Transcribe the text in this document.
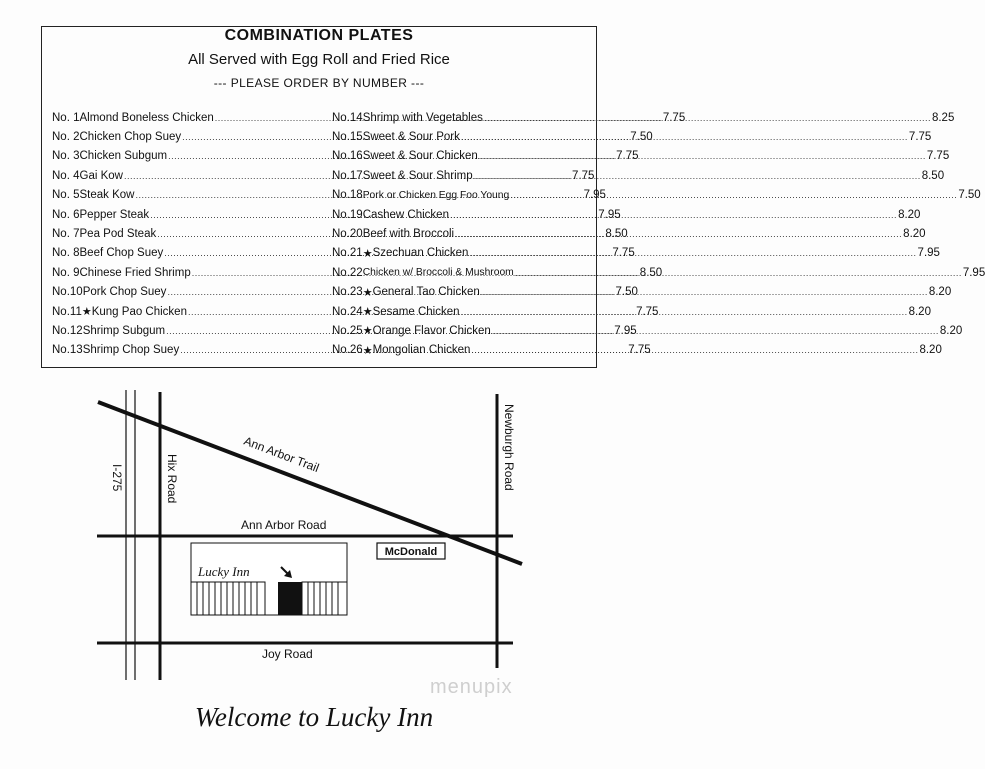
COMBINATION PLATES
All Served with Egg Roll and Fried Rice
--- PLEASE ORDER BY NUMBER ---
No. 1 Almond Boneless Chicken .....	7.75
No. 2 Chicken Chop Suey .....	7.50
No. 3 Chicken Subgum .....	7.75
No. 4 Gai Kow .....	7.75
No. 5 Steak Kow .....	7.95
No. 6 Pepper Steak .....	7.95
No. 7 Pea Pod Steak .....	8.50
No. 8 Beef Chop Suey .....	7.75
No. 9 Chinese Fried Shrimp .....	8.50
No.10 Pork Chop Suey .....	7.50
No.11 ★ Kung Pao Chicken .....	7.75
No.12 Shrimp Subgum .....	7.95
No.13 Shrimp Chop Suey .....	7.75
No.14 Shrimp with Vegetables .....	8.25
No.15 Sweet & Sour Pork .....	7.75
No.16 Sweet & Sour Chicken .....	7.75
No.17 Sweet & Sour Shrimp .....	8.50
No.18 Pork or Chicken Egg Foo Young .....	7.50
No.19 Cashew Chicken .....	8.20
No.20 Beef with Broccoli .....	8.20
No.21 ★ Szechuan Chicken .....	7.95
No.22 Chicken w/ Broccoli & Mushroom .....	7.95
No.23 ★ General Tao Chicken .....	8.20
No.24 ★ Sesame Chicken .....	8.20
No.25 ★ Orange Flavor Chicken .....	8.20
No.26 ★ Mongolian Chicken .....	8.20
Ann Arbor Trail
Ann Arbor Road
Joy Road
Hix Road	Newburgh Road
I-275
McDonald
Lucky Inn
menupix
Welcome to Lucky Inn
